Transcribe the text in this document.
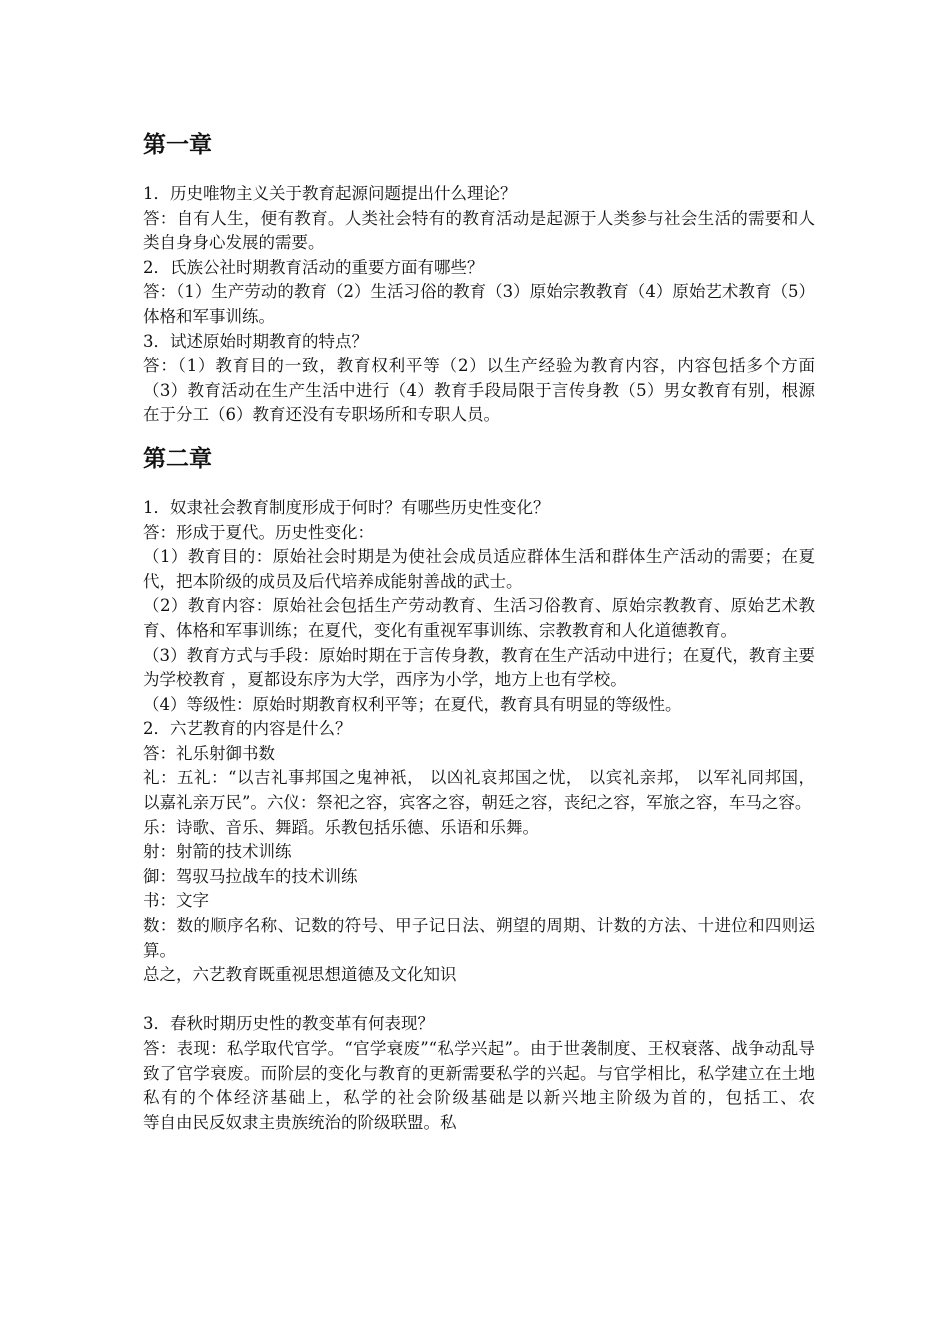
第一章

1．历史唯物主义关于教育起源问题提出什么理论？

答：自有人生，便有教育。人类社会特有的教育活动是起源于人类参与社会生活的需要和人类自身身心发展的需要。

2．氏族公社时期教育活动的重要方面有哪些？

答：（1）生产劳动的教育（2）生活习俗的教育（3）原始宗教教育（4）原始艺术教育（5）体格和军事训练。

3．试述原始时期教育的特点？

答：（1）教育目的一致，教育权利平等（2）以生产经验为教育内容，内容包括多个方面（3）教育活动在生产生活中进行（4）教育手段局限于言传身教（5）男女教育有别，根源在于分工（6）教育还没有专职场所和专职人员。

第二章

1．奴隶社会教育制度形成于何时？有哪些历史性变化？

答：形成于夏代。历史性变化：

（1）教育目的：原始社会时期是为使社会成员适应群体生活和群体生产活动的需要；在夏代，把本阶级的成员及后代培养成能射善战的武士。

（2）教育内容：原始社会包括生产劳动教育、生活习俗教育、原始宗教教育、原始艺术教育、体格和军事训练；在夏代，变化有重视军事训练、宗教教育和人化道德教育。

（3）教育方式与手段：原始时期在于言传身教，教育在生产活动中进行；在夏代，教育主要为学校教育 ，夏都设东序为大学，西序为小学，地方上也有学校。

（4）等级性：原始时期教育权利平等；在夏代，教育具有明显的等级性。

2．六艺教育的内容是什么？

答：礼乐射御书数

礼：五礼：“以吉礼事邦国之鬼神祇， 以凶礼哀邦国之忧， 以宾礼亲邦， 以军礼同邦国， 以嘉礼亲万民”。六仪：祭祀之容，宾客之容，朝廷之容，丧纪之容，军旅之容，车马之容。

乐：诗歌、音乐、舞蹈。乐教包括乐德、乐语和乐舞。

射：射箭的技术训练

御：驾驭马拉战车的技术训练

书：文字

数：数的顺序名称、记数的符号、甲子记日法、朔望的周期、计数的方法、十进位和四则运算。

总之，六艺教育既重视思想道德及文化知识

3．春秋时期历史性的教变革有何表现？

答：表现：私学取代官学。“官学衰废”“私学兴起”。由于世袭制度、王权衰落、战争动乱导致了官学衰废。而阶层的变化与教育的更新需要私学的兴起。与官学相比，私学建立在土地私有的个体经济基础上，私学的社会阶级基础是以新兴地主阶级为首的，包括工、农 　　　等自由民反奴隶主贵族统治的阶级联盟。私
